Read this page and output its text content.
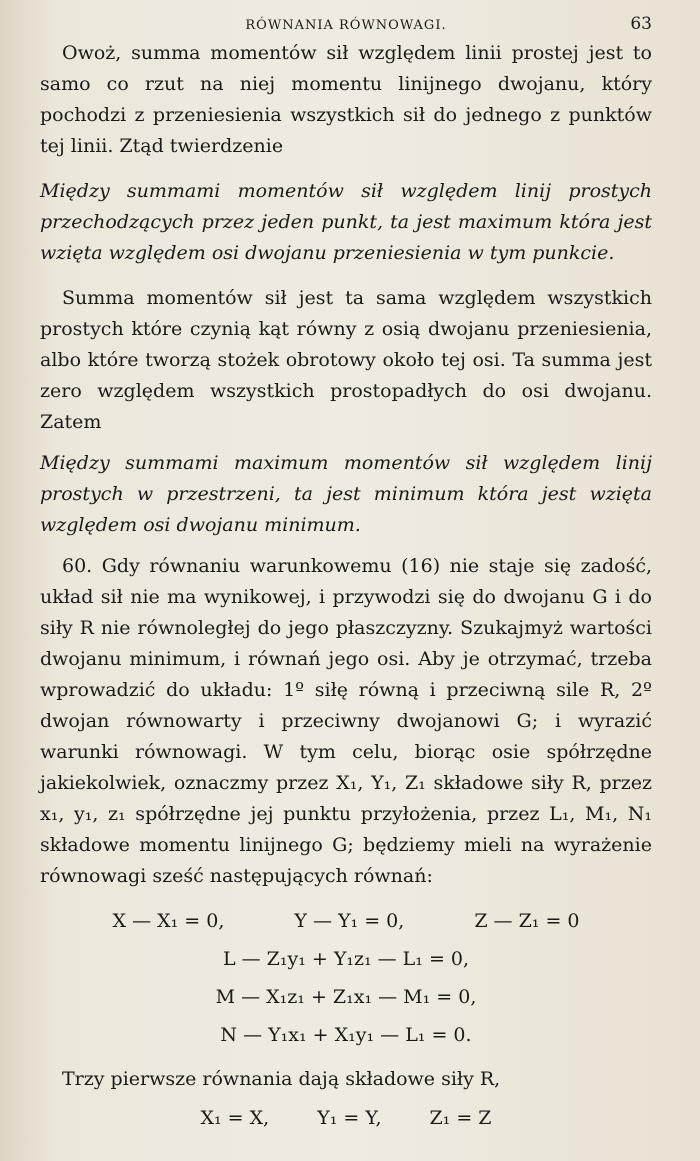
RÓWNANIA RÓWNOWAGI.	63

Owoż, summa momentów sił względem linii prostej jest to samo co rzut na niej momentu linijnego dwojanu, który pochodzi z przeniesienia wszystkich sił do jednego z punktów tej linii. Ztąd twierdzenie

Między summami momentów sił względem linij prostych przechodzących przez jeden punkt, ta jest maximum która jest wzięta względem osi dwojanu przeniesienia w tym punkcie.

Summa momentów sił jest ta sama względem wszystkich prostych które czynią kąt równy z osią dwojanu przeniesienia, albo które tworzą stożek obrotowy około tej osi. Ta summa jest zero względem wszystkich prostopadłych do osi dwojanu. Zatem

Między summami maximum momentów sił względem linij prostych w przestrzeni, ta jest minimum która jest wzięta względem osi dwojanu minimum.

60. Gdy równaniu warunkowemu (16) nie staje się zadość, układ sił nie ma wynikowej, i przywodzi się do dwojanu G i do siły R nie równoległej do jego płaszczyzny. Szukajmyż wartości dwojanu minimum, i równań jego osi. Aby je otrzymać, trzeba wprowadzić do układu: 1º siłę równą i przeciwną sile R, 2º dwojan równowarty i przeciwny dwojanowi G; i wyrazić warunki równowagi. W tym celu, biorąc osie spółrzędne jakiekolwiek, oznaczmy przez X₁, Y₁, Z₁ składowe siły R, przez x₁, y₁, z₁ spółrzędne jej punktu przyłożenia, przez L₁, M₁, N₁ składowe momentu linijnego G; będziemy mieli na wyrażenie równowagi sześć następujących równań:

X — X₁ = 0,	Y — Y₁ = 0,	Z — Z₁ = 0
L — Z₁y₁ + Y₁z₁ — L₁ = 0,
M — X₁z₁ + Z₁x₁ — M₁ = 0,
N — Y₁x₁ + X₁y₁ — L₁ = 0.

Trzy pierwsze równania dają składowe siły R,

X₁ = X,	Y₁ = Y,	Z₁ = Z
